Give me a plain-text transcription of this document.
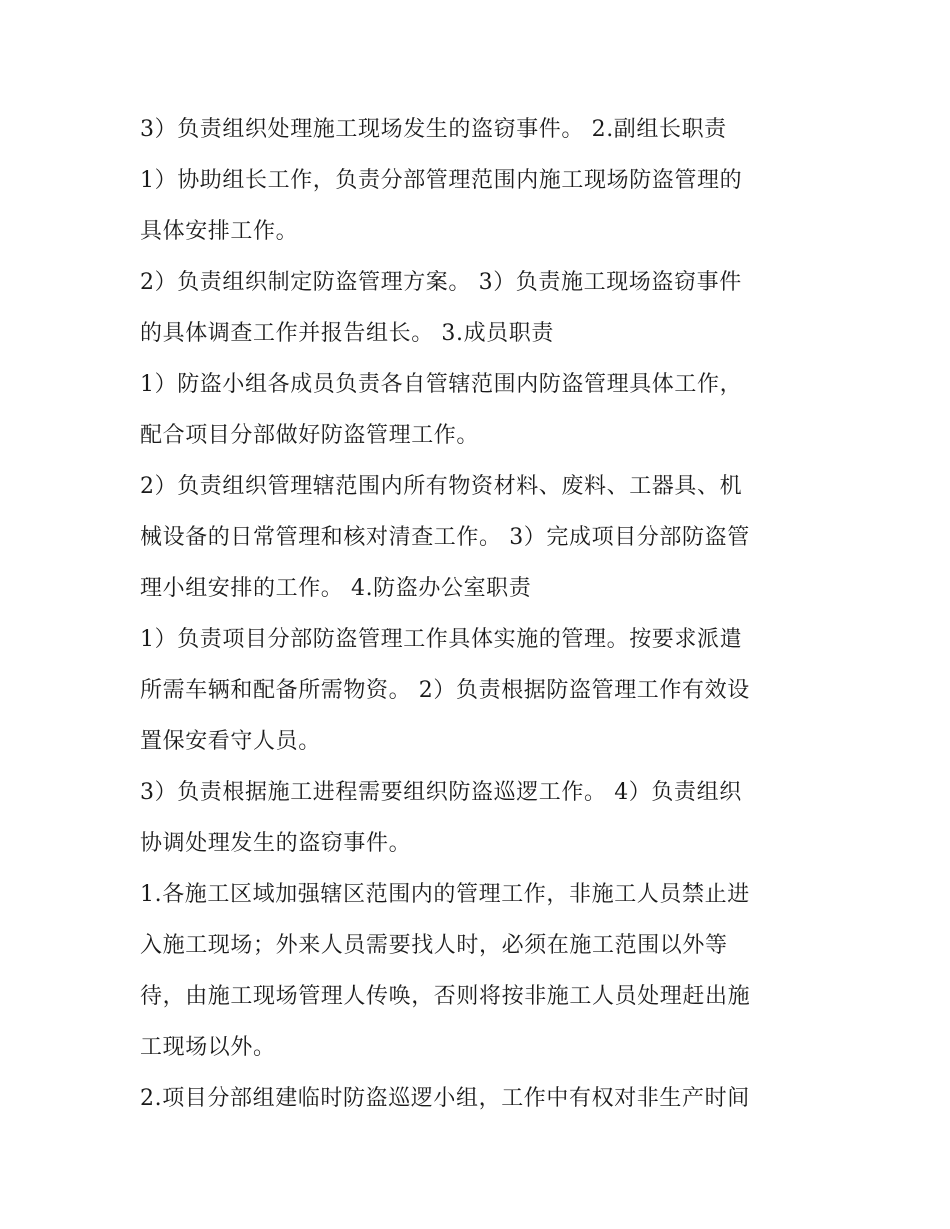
3）负责组织处理施工现场发生的盗窃事件。 2.副组长职责
1）协助组长工作，负责分部管理范围内施工现场防盗管理的
具体安排工作。
2）负责组织制定防盗管理方案。 3）负责施工现场盗窃事件
的具体调查工作并报告组长。 3.成员职责
1）防盗小组各成员负责各自管辖范围内防盗管理具体工作，
配合项目分部做好防盗管理工作。
2）负责组织管理辖范围内所有物资材料、废料、工器具、机
械设备的日常管理和核对清查工作。 3）完成项目分部防盗管
理小组安排的工作。 4.防盗办公室职责
1）负责项目分部防盗管理工作具体实施的管理。按要求派遣
所需车辆和配备所需物资。 2）负责根据防盗管理工作有效设
置保安看守人员。
3）负责根据施工进程需要组织防盗巡逻工作。 4）负责组织
协调处理发生的盗窃事件。
1.各施工区域加强辖区范围内的管理工作，非施工人员禁止进
入施工现场；外来人员需要找人时，必须在施工范围以外等
待，由施工现场管理人传唤，否则将按非施工人员处理赶出施
工现场以外。
2.项目分部组建临时防盗巡逻小组，工作中有权对非生产时间
